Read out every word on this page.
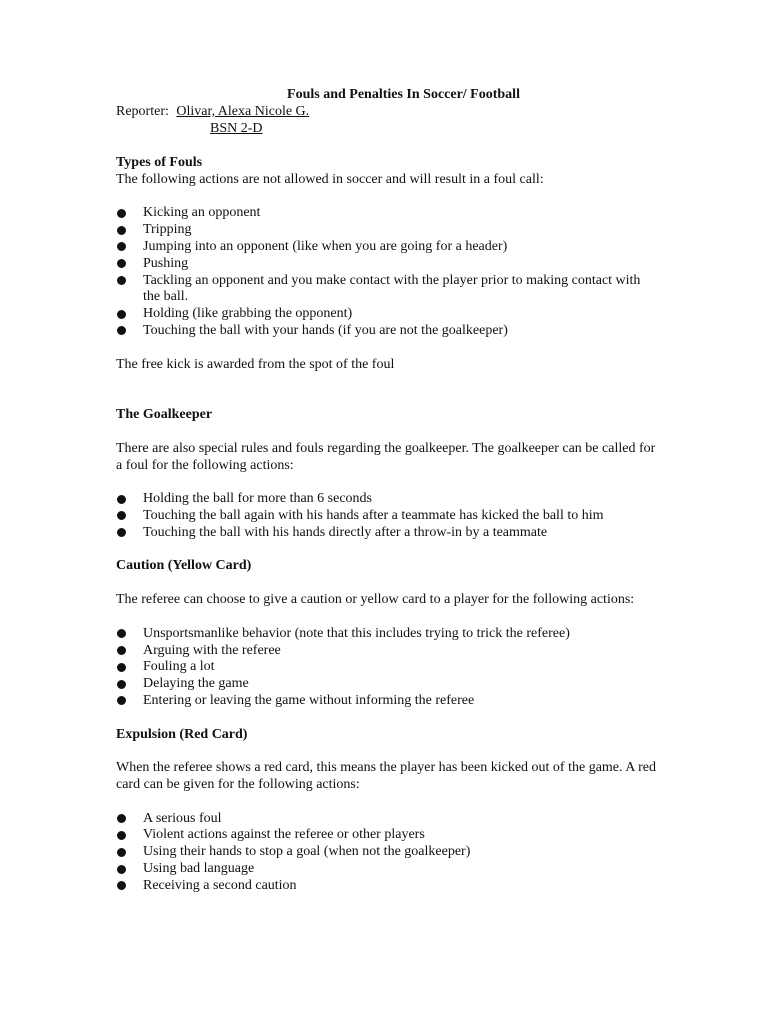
Fouls and Penalties In Soccer/ Football
Reporter: Olivar, Alexa Nicole G.
BSN 2-D
Types of Fouls

The following actions are not allowed in soccer and will result in a foul call:

Kicking an opponent
Tripping
Jumping into an opponent (like when you are going for a header)
Pushing
Tackling an opponent and you make contact with the player prior to making contact with the ball.
Holding (like grabbing the opponent)
Touching the ball with your hands (if you are not the goalkeeper)

The free kick is awarded from the spot of the foul

The Goalkeeper

There are also special rules and fouls regarding the goalkeeper. The goalkeeper can be called for a foul for the following actions:

Holding the ball for more than 6 seconds
Touching the ball again with his hands after a teammate has kicked the ball to him
Touching the ball with his hands directly after a throw-in by a teammate
Caution (Yellow Card)

The referee can choose to give a caution or yellow card to a player for the following actions:

Unsportsmanlike behavior (note that this includes trying to trick the referee)
Arguing with the referee
Fouling a lot
Delaying the game
Entering or leaving the game without informing the referee
Expulsion (Red Card)

When the referee shows a red card, this means the player has been kicked out of the game. A red card can be given for the following actions:

A serious foul
Violent actions against the referee or other players
Using their hands to stop a goal (when not the goalkeeper)
Using bad language
Receiving a second caution
